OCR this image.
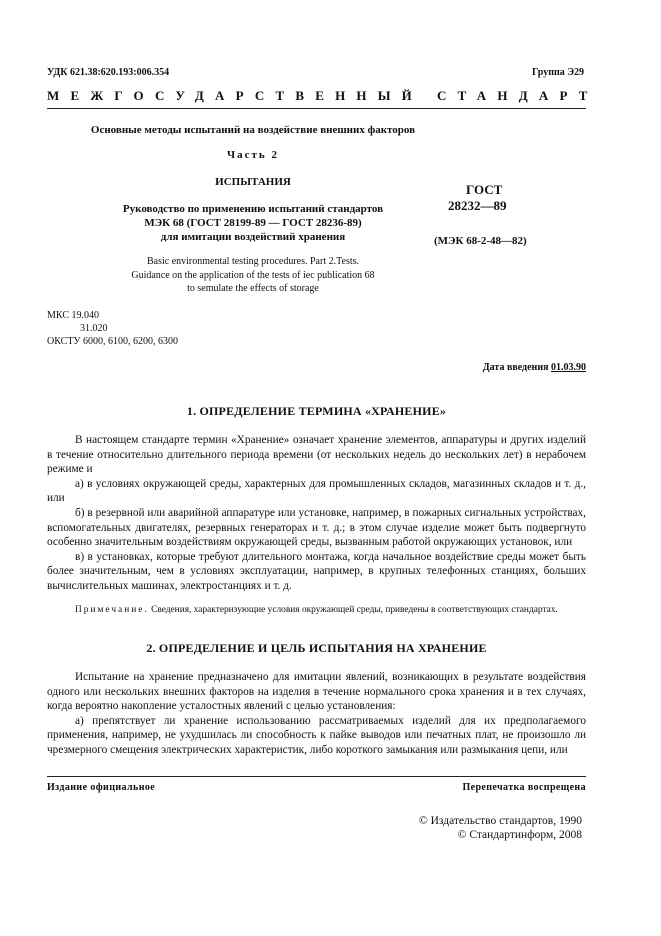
УДК 621.38:620.193:006.354	Группа Э29
МЕЖГОСУДАРСТВЕННЫЙ СТАНДАРТ
Основные методы испытаний на воздействие внешних факторов
Часть 2
ИСПЫТАНИЯ
Руководство по применению испытаний стандартов
МЭК 68 (ГОСТ 28199-89 — ГОСТ 28236-89)
для имитации воздействий хранения
Basic environmental testing procedures. Part 2.Tests.
Guidance on the application of the tests of iec publication 68
to semulate the effects of storage
ГОСТ
28232—89
(МЭК 68-2-48—82)
МКС 19.040
31.020
ОКСТУ 6000, 6100, 6200, 6300
Дата введения 01.03.90
1. ОПРЕДЕЛЕНИЕ ТЕРМИНА «ХРАНЕНИЕ»

В настоящем стандарте термин «Хранение» означает хранение элементов, аппаратуры и других изделий в течение относительно длительного периода времени (от нескольких недель до нескольких лет) в нерабочем режиме и

а) в условиях окружающей среды, характерных для промышленных складов, магазинных складов и т. д., или

б) в резервной или аварийной аппаратуре или установке, например, в пожарных сигнальных устройствах, вспомогательных двигателях, резервных генераторах и т. д.; в этом случае изделие может быть подвергнуто особенно значительным воздействиям окружающей среды, вызванным работой окружающих установок, или

в) в установках, которые требуют длительного монтажа, когда начальное воздействие среды может быть более значительным, чем в условиях эксплуатации, например, в крупных телефонных станциях, больших вычислительных машинах, электростанциях и т. д.

Примечание. Сведения, характеризующие условия окружающей среды, приведены в соответствующих стандартах.
2. ОПРЕДЕЛЕНИЕ И ЦЕЛЬ ИСПЫТАНИЯ НА ХРАНЕНИЕ

Испытание на хранение предназначено для имитации явлений, возникающих в результате воздействия одного или нескольких внешних факторов на изделия в течение нормального срока хранения и в тех случаях, когда вероятно накопление усталостных явлений с целью установления:

а) препятствует ли хранение использованию рассматриваемых изделий для их предполагаемого применения, например, не ухудшилась ли способность к пайке выводов или печатных плат, не произошло ли чрезмерного смещения электрических характеристик, либо короткого замыкания или размыкания цепи, или

Издание официальное	Перепечатка воспрещена
© Издательство стандартов, 1990
© Стандартинформ, 2008
